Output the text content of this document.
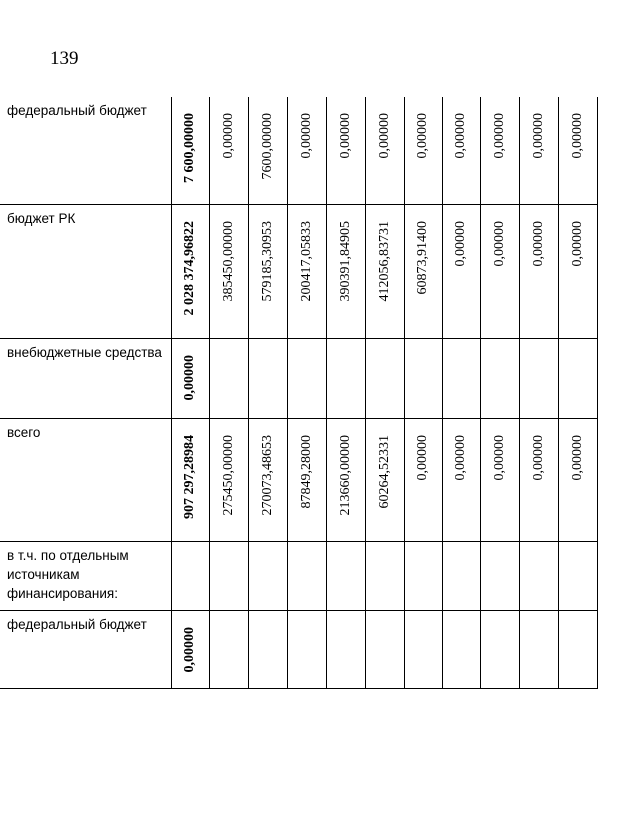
139
федеральный бюджет	7 600,00000	0,00000	7600,00000	0,00000	0,00000	0,00000	0,00000	0,00000	0,00000	0,00000	0,00000

бюджет РК	2 028 374,96822	385450,00000	579185,30953	200417,05833	390391,84905	412056,83731	60873,91400	0,00000	0,00000	0,00000	0,00000

внебюджетные средства	0,00000										

всего	907 297,28984	275450,00000	270073,48653	87849,28000	213660,00000	60264,52331	0,00000	0,00000	0,00000	0,00000	0,00000

в т.ч. по отдельным источникам финансирования:	

федеральный бюджет	0,00000										
